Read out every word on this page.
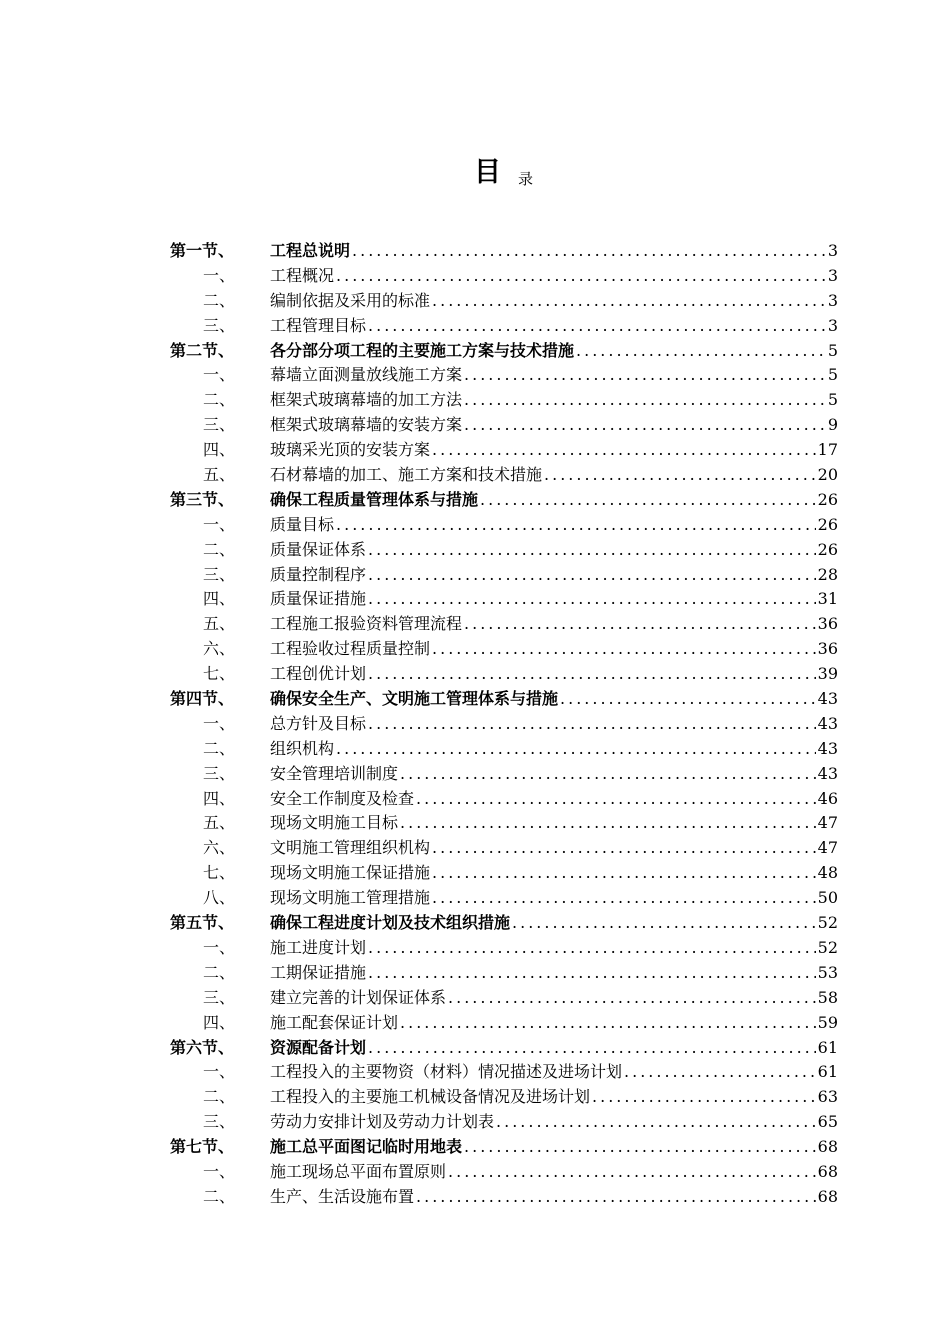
目 录
第一节、	工程总说明 .....	3
一、	工程概况 .....	3
二、	编制依据及采用的标准 .....	3
三、	工程管理目标 .....	3
第二节、	各分部分项工程的主要施工方案与技术措施 .....	5
一、	幕墙立面测量放线施工方案 .....	5
二、	框架式玻璃幕墙的加工方法 .....	5
三、	框架式玻璃幕墙的安装方案 .....	9
四、	玻璃采光顶的安装方案 .....	17
五、	石材幕墙的加工、施工方案和技术措施 .....	20
第三节、	确保工程质量管理体系与措施 .....	26
一、	质量目标 .....	26
二、	质量保证体系 .....	26
三、	质量控制程序 .....	28
四、	质量保证措施 .....	31
五、	工程施工报验资料管理流程 .....	36
六、	工程验收过程质量控制 .....	36
七、	工程创优计划 .....	39
第四节、	确保安全生产、文明施工管理体系与措施 .....	43
一、	总方针及目标 .....	43
二、	组织机构 .....	43
三、	安全管理培训制度 .....	43
四、	安全工作制度及检查 .....	46
五、	现场文明施工目标 .....	47
六、	文明施工管理组织机构 .....	47
七、	现场文明施工保证措施 .....	48
八、	现场文明施工管理措施 .....	50
第五节、	确保工程进度计划及技术组织措施 .....	52
一、	施工进度计划 .....	52
二、	工期保证措施 .....	53
三、	建立完善的计划保证体系 .....	58
四、	施工配套保证计划 .....	59
第六节、	资源配备计划 .....	61
一、	工程投入的主要物资（材料）情况描述及进场计划 .....	61
二、	工程投入的主要施工机械设备情况及进场计划 .....	63
三、	劳动力安排计划及劳动力计划表 .....	65
第七节、	施工总平面图记临时用地表 .....	68
一、	施工现场总平面布置原则 .....	68
二、	生产、生活设施布置 .....	68
